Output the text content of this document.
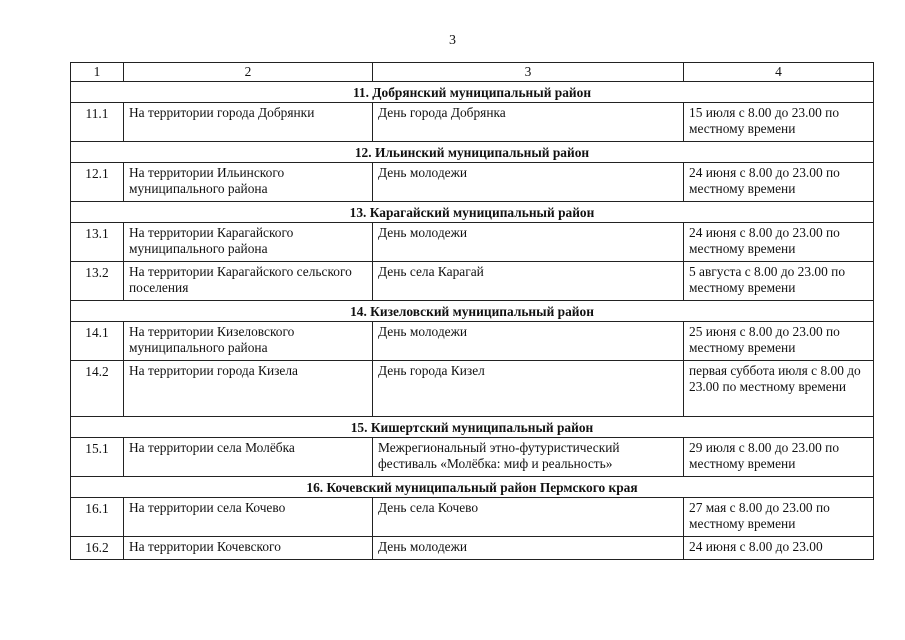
3
1	2	3	4
11. Добрянский муниципальный район			
11.1	На территории города Добрянки	День города Добрянка	15 июля с 8.00 до 23.00 по местному времени
12. Ильинский муниципальный район			
12.1	На территории Ильинского муниципального района	День молодежи	24 июня с 8.00 до 23.00 по местному времени
13. Карагайский муниципальный район			
13.1	На территории Карагайского муниципального района	День молодежи	24 июня с 8.00 до 23.00 по местному времени
13.2	На территории Карагайского сельского поселения	День села Карагай	5 августа с 8.00 до 23.00 по местному времени
14. Кизеловский муниципальный район			
14.1	На территории Кизеловского муниципального района	День молодежи	25 июня с 8.00 до 23.00 по местному времени
14.2	На территории города Кизела	День города Кизел	первая суббота июля с 8.00 до 23.00 по местному времени
15. Кишертский муниципальный район			
15.1	На территории села Молёбка	Межрегиональный этно-футуристический фестиваль «Молёбка: миф и реальность»	29 июля с 8.00 до 23.00 по местному времени
16. Кочевский муниципальный район Пермского края			
16.1	На территории села Кочево	День села Кочево	27 мая с 8.00 до 23.00 по местному времени
16.2	На территории Кочевского	День молодежи	24 июня с 8.00 до 23.00
